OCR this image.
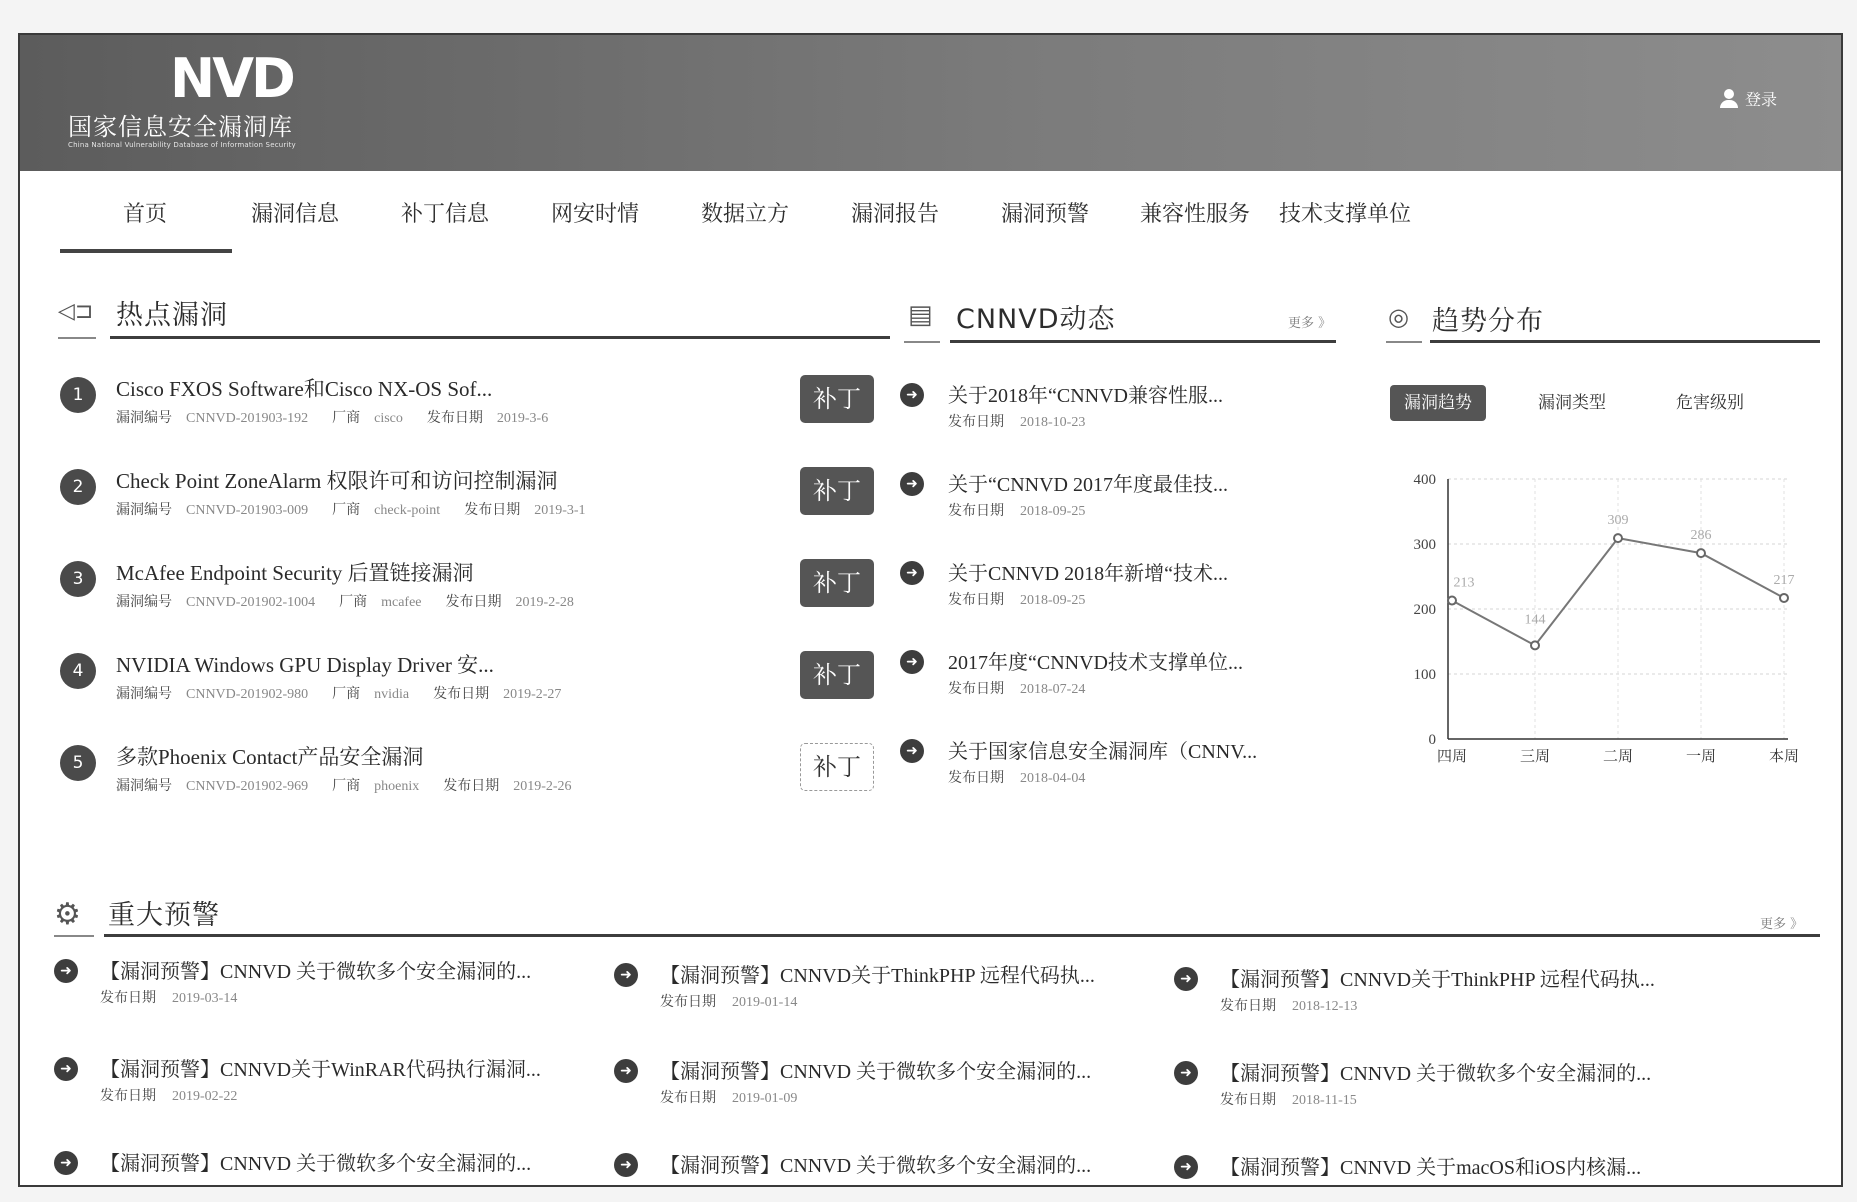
NVD
国家信息安全漏洞库
China National Vulnerability Database of Information Security
登录
首页	漏洞信息	补丁信息	网安时情	数据立方	漏洞报告	漏洞预警	兼容性服务	技术支撑单位
◁⊐ 热点漏洞
1	Cisco FXOS Software和Cisco NX-OS Sof...
漏洞编号 CNNVD-201903-192 厂商 cisco 发布日期 2019-3-6
补丁
2	Check Point ZoneAlarm 权限许可和访问控制漏洞
漏洞编号 CNNVD-201903-009 厂商 check-point 发布日期 2019-3-1
补丁
3	McAfee Endpoint Security 后置链接漏洞
漏洞编号 CNNVD-201902-1004 厂商 mcafee 发布日期 2019-2-28
补丁
4	NVIDIA Windows GPU Display Driver 安...
漏洞编号 CNNVD-201902-980 厂商 nvidia 发布日期 2019-2-27
补丁
5	多款Phoenix Contact产品安全漏洞
漏洞编号 CNNVD-201902-969 厂商 phoenix 发布日期 2019-2-26
补丁
▤ CNNVD动态	更多 》
➜	关于2018年“CNNVD兼容性服...
发布日期 2018-10-23
➜	关于“CNNVD 2017年度最佳技...
发布日期 2018-09-25
➜	关于CNNVD 2018年新增“技术...
发布日期 2018-09-25
➜	2017年度“CNNVD技术支撑单位...
发布日期 2018-07-24
➜	关于国家信息安全漏洞库（CNNV...
发布日期 2018-04-04
◎ 趋势分布
漏洞趋势	漏洞类型	危害级别
0
100
200
300
400
四周	三周	二周	一周	本周
213
144
309
286
217
⚙ 重大预警	更多 》
➜	【漏洞预警】CNNVD 关于微软多个安全漏洞的...
发布日期 2019-03-14
➜	【漏洞预警】CNNVD关于ThinkPHP 远程代码执...
发布日期 2019-01-14
➜	【漏洞预警】CNNVD关于ThinkPHP 远程代码执...
发布日期 2018-12-13
➜	【漏洞预警】CNNVD关于WinRAR代码执行漏洞...
发布日期 2019-02-22
➜	【漏洞预警】CNNVD 关于微软多个安全漏洞的...
发布日期 2019-01-09
➜	【漏洞预警】CNNVD 关于微软多个安全漏洞的...
发布日期 2018-11-15
➜	【漏洞预警】CNNVD 关于微软多个安全漏洞的...	➜	【漏洞预警】CNNVD 关于微软多个安全漏洞的...	➜	【漏洞预警】CNNVD 关于macOS和iOS内核漏...
